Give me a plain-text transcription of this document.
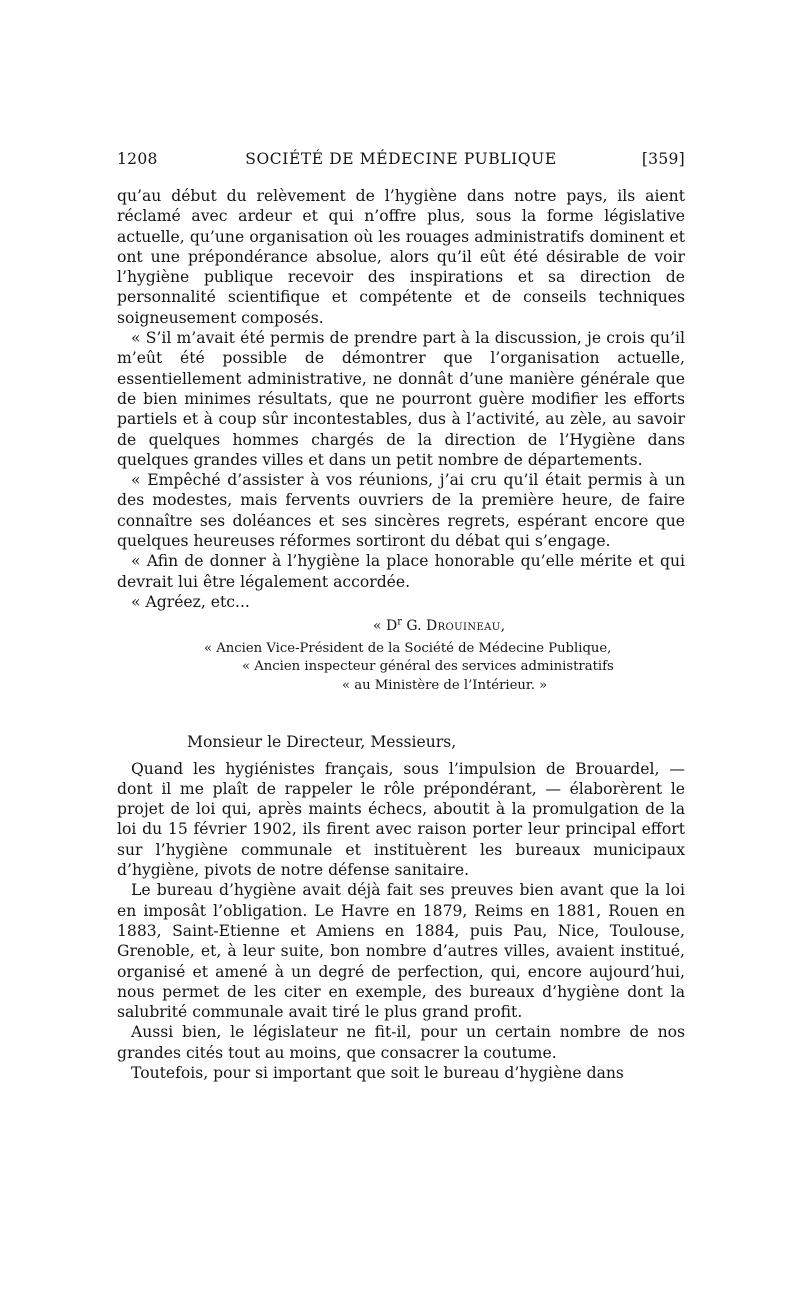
1208	SOCIÉTÉ DE MÉDECINE PUBLIQUE	[359]

qu’au début du relèvement de l’hygiène dans notre pays, ils aient réclamé avec ardeur et qui n’offre plus, sous la forme législative actuelle, qu’une organisation où les rouages administratifs dominent et ont une prépondérance absolue, alors qu’il eût été désirable de voir l’hygiène publique recevoir des inspirations et sa direction de personnalité scientifique et compétente et de conseils techniques soigneusement composés.

« S’il m’avait été permis de prendre part à la discussion, je crois qu’il m’eût été possible de démontrer que l’organisation actuelle, essentiellement administrative, ne donnât d’une manière générale que de bien minimes résultats, que ne pourront guère modifier les efforts partiels et à coup sûr incontestables, dus à l’activité, au zèle, au savoir de quelques hommes chargés de la direction de l’Hygiène dans quelques grandes villes et dans un petit nombre de départements.

« Empêché d’assister à vos réunions, j’ai cru qu’il était permis à un des modestes, mais fervents ouvriers de la première heure, de faire connaître ses doléances et ses sincères regrets, espérant encore que quelques heureuses réformes sortiront du débat qui s’engage.

« Afin de donner à l’hygiène la place honorable qu’elle mérite et qui devrait lui être légalement accordée.

« Agréez, etc...

« $D^r$ G. Drouineau,
« Ancien Vice-Président de la Société de Médecine Publique,
« Ancien inspecteur général des services administratifs
« au Ministère de l’Intérieur. »
Monsieur le Directeur, Messieurs,

Quand les hygiénistes français, sous l’impulsion de Brouardel, — dont il me plaît de rappeler le rôle prépondérant, — élaborèrent le projet de loi qui, après maints échecs, aboutit à la promulgation de la loi du 15 février 1902, ils firent avec raison porter leur principal effort sur l’hygiène communale et instituèrent les bureaux municipaux d’hygiène, pivots de notre défense sanitaire.

Le bureau d’hygiène avait déjà fait ses preuves bien avant que la loi en imposât l’obligation. Le Havre en 1879, Reims en 1881, Rouen en 1883, Saint-Etienne et Amiens en 1884, puis Pau, Nice, Toulouse, Grenoble, et, à leur suite, bon nombre d’autres villes, avaient institué, organisé et amené à un degré de perfection, qui, encore aujourd’hui, nous permet de les citer en exemple, des bureaux d’hygiène dont la salubrité communale avait tiré le plus grand profit.

Aussi bien, le législateur ne fit-il, pour un certain nombre de nos grandes cités tout au moins, que consacrer la coutume.

Toutefois, pour si important que soit le bureau d’hygiène dans
